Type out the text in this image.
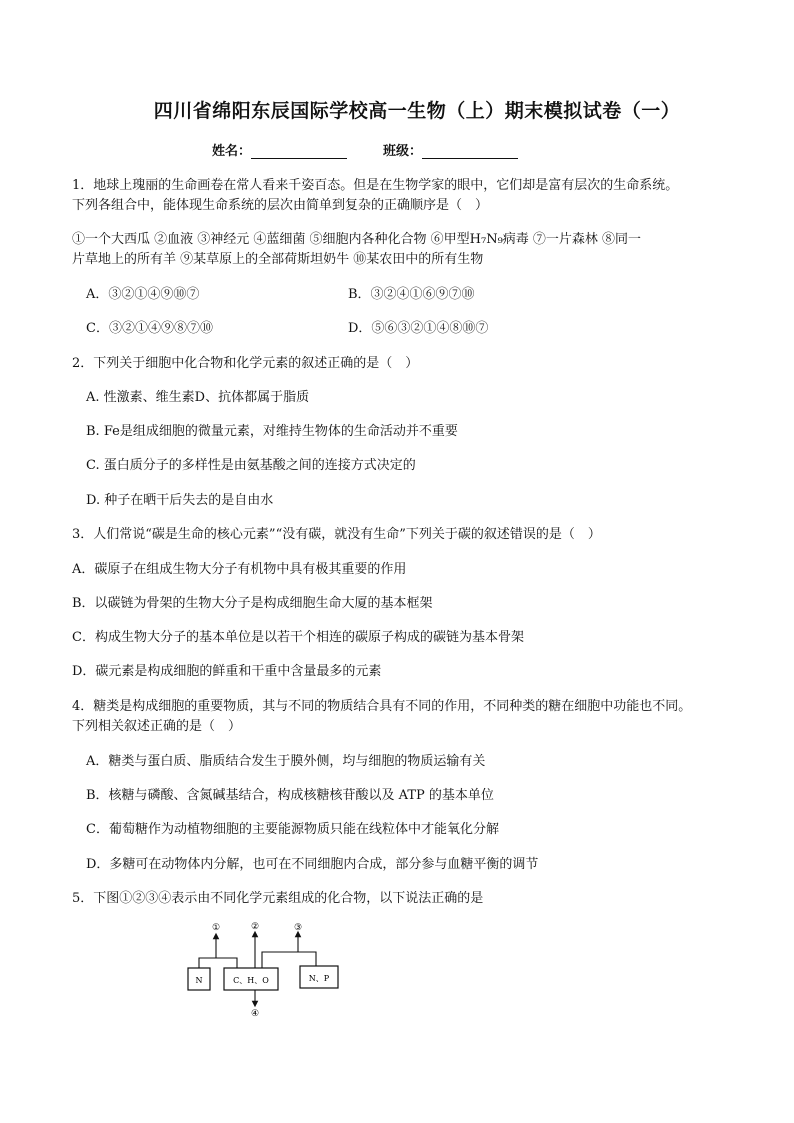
四川省绵阳东辰国际学校高一生物（上）期末模拟试卷（一）
姓名：	班级：
1．地球上瑰丽的生命画卷在常人看来千姿百态。但是在生物学家的眼中，它们却是富有层次的生命系统。
下列各组合中，能体现生命系统的层次由简单到复杂的正确顺序是（　）
①一个大西瓜 ②血液 ③神经元 ④蓝细菌 ⑤细胞内各种化合物 ⑥甲型H₇N₉病毒 ⑦一片森林 ⑧同一
片草地上的所有羊 ⑨某草原上的全部荷斯坦奶牛 ⑩某农田中的所有生物
A．③②①④⑨⑩⑦	B．③②④①⑥⑨⑦⑩
C．③②①④⑨⑧⑦⑩	D．⑤⑥③②①④⑧⑩⑦
2．下列关于细胞中化合物和化学元素的叙述正确的是（　）
A. 性激素、维生素D、抗体都属于脂质
B. Fe是组成细胞的微量元素，对维持生物体的生命活动并不重要
C. 蛋白质分子的多样性是由氨基酸之间的连接方式决定的
D. 种子在晒干后失去的是自由水
3．人们常说“碳是生命的核心元素”“没有碳，就没有生命”下列关于碳的叙述错误的是（　）
A．碳原子在组成生物大分子有机物中具有极其重要的作用
B．以碳链为骨架的生物大分子是构成细胞生命大厦的基本框架
C．构成生物大分子的基本单位是以若干个相连的碳原子构成的碳链为基本骨架
D．碳元素是构成细胞的鲜重和干重中含量最多的元素
4．糖类是构成细胞的重要物质，其与不同的物质结合具有不同的作用，不同种类的糖在细胞中功能也不同。
下列相关叙述正确的是（　）
A．糖类与蛋白质、脂质结合发生于膜外侧，均与细胞的物质运输有关
B．核糖与磷酸、含氮碱基结合，构成核糖核苷酸以及 ATP 的基本单位
C．葡萄糖作为动植物细胞的主要能源物质只能在线粒体中才能氧化分解
D．多糖可在动物体内分解，也可在不同细胞内合成，部分参与血糖平衡的调节
5．下图①②③④表示由不同化学元素组成的化合物，以下说法正确的是
N	C、H、O	N、P
①	②	③
④
